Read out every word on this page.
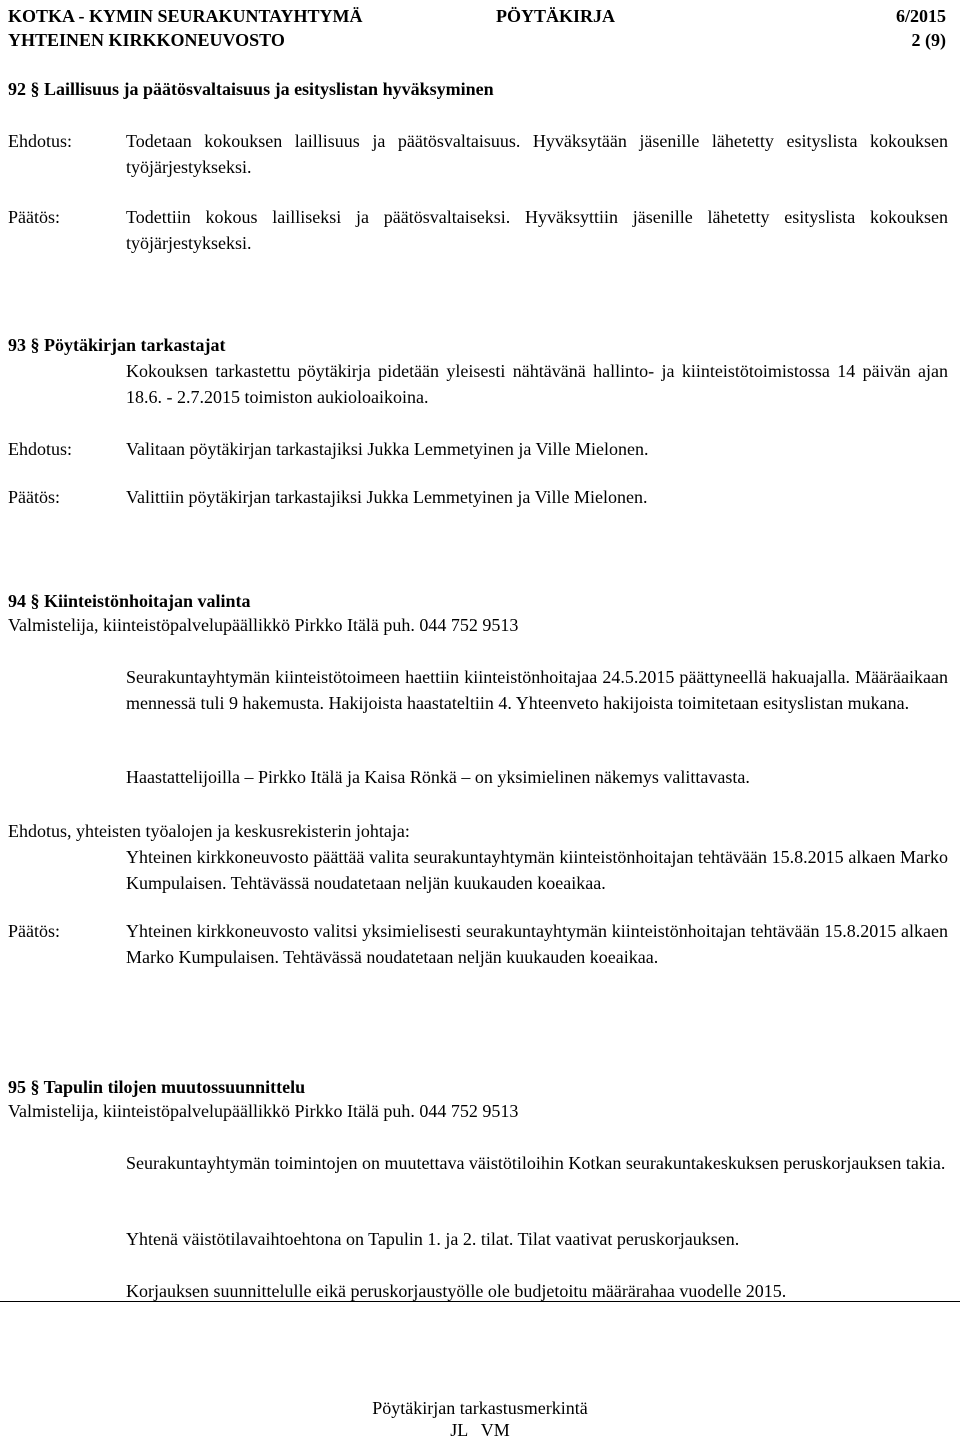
KOTKA - KYMIN SEURAKUNTAYHTYMÄ	PÖYTÄKIRJA	6/2015
YHTEINEN KIRKKONEUVOSTO	2 (9)
92 § Laillisuus ja päätösvaltaisuus ja esityslistan hyväksyminen
Ehdotus:	Todetaan kokouksen laillisuus ja päätösvaltaisuus. Hyväksytään jäsenille lähetetty esityslista kokouksen työjärjestykseksi.
Päätös:	Todettiin kokous lailliseksi ja päätösvaltaiseksi. Hyväksyttiin jäsenille lähetetty esityslista kokouksen työjärjestykseksi.
93 § Pöytäkirjan tarkastajat
Kokouksen tarkastettu pöytäkirja pidetään yleisesti nähtävänä hallinto- ja kiinteistötoimistossa 14 päivän ajan 18.6. - 2.7.2015 toimiston aukioloaikoina.
Ehdotus:	Valitaan pöytäkirjan tarkastajiksi Jukka Lemmetyinen ja Ville Mielonen.
Päätös:	Valittiin pöytäkirjan tarkastajiksi Jukka Lemmetyinen ja Ville Mielonen.
94 § Kiinteistönhoitajan valinta
Valmistelija, kiinteistöpalvelupäällikkö Pirkko Itälä puh. 044 752 9513
Seurakuntayhtymän kiinteistötoimeen haettiin kiinteistönhoitajaa 24.5.2015 päättyneellä hakuajalla. Määräaikaan mennessä tuli 9 hakemusta. Hakijoista haastateltiin 4. Yhteenveto hakijoista toimitetaan esityslistan mukana.
Haastattelijoilla – Pirkko Itälä ja Kaisa Rönkä – on yksimielinen näkemys valittavasta.
Ehdotus, yhteisten työalojen ja keskusrekisterin johtaja:
Yhteinen kirkkoneuvosto päättää valita seurakuntayhtymän kiinteistönhoitajan tehtävään 15.8.2015 alkaen Marko Kumpulaisen. Tehtävässä noudatetaan neljän kuukauden koeaikaa.
Päätös:	Yhteinen kirkkoneuvosto valitsi yksimielisesti seurakuntayhtymän kiinteistönhoitajan tehtävään 15.8.2015 alkaen Marko Kumpulaisen. Tehtävässä noudatetaan neljän kuukauden koeaikaa.
95 § Tapulin tilojen muutossuunnittelu
Valmistelija, kiinteistöpalvelupäällikkö Pirkko Itälä puh. 044 752 9513
Seurakuntayhtymän toimintojen on muutettava väistötiloihin Kotkan seurakuntakeskuksen peruskorjauksen takia.
Yhtenä väistötilavaihtoehtona on Tapulin 1. ja 2. tilat. Tilat vaativat peruskorjauksen.
Korjauksen suunnittelulle eikä peruskorjaustyölle ole budjetoitu määrärahaa vuodelle 2015.
Pöytäkirjan tarkastusmerkintä
JL   VM
